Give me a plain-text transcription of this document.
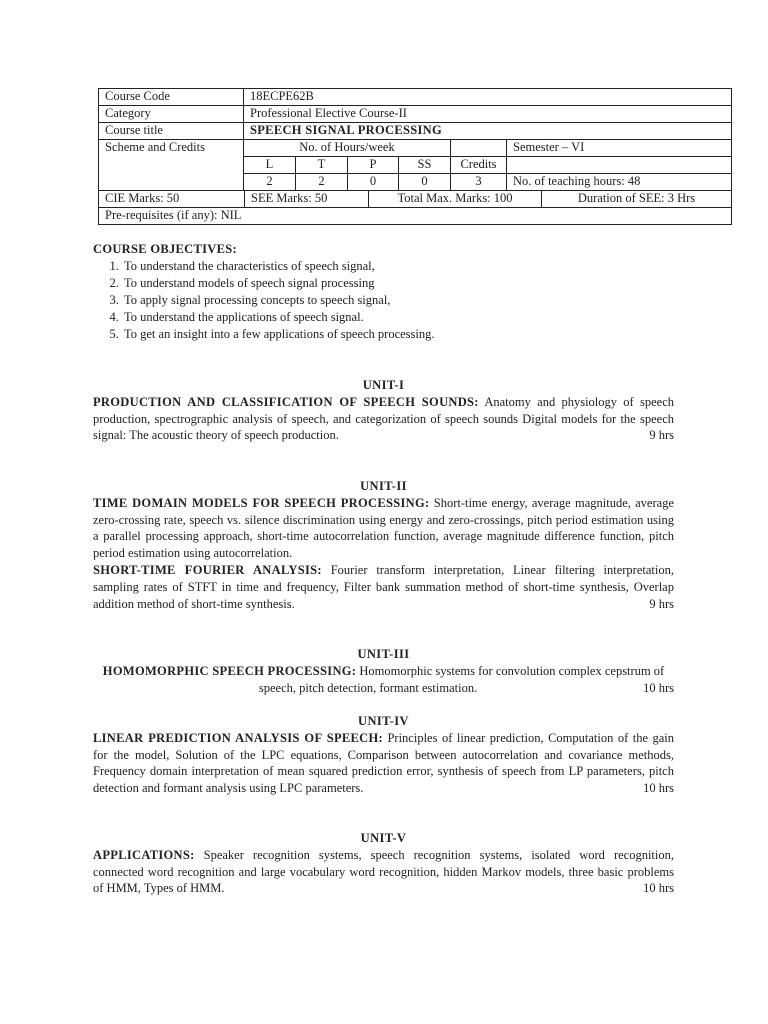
Course Code	18ECPE62B					
Category	Professional Elective Course-II					
Course title	SPEECH SIGNAL PROCESSING					
Scheme and Credits	No. of Hours/week					Semester – VI
	L	T	P	SS	Credits	
	2	2	0	0	3	No. of teaching hours: 48

CIE Marks: 50 SEE Marks: 50 Total Max. Marks: 100 Duration of SEE: 3 Hrs						

Pre-requisites (if any): NIL						
COURSE OBJECTIVES:
1. To understand the characteristics of speech signal,
2. To understand models of speech signal processing
3. To apply signal processing concepts to speech signal,
4. To understand the applications of speech signal.
5. To get an insight into a few applications of speech processing.
UNIT-I

PRODUCTION AND CLASSIFICATION OF SPEECH SOUNDS: Anatomy and physiology of speech production, spectrographic analysis of speech, and categorization of speech sounds Digital models for the speech signal: The acoustic theory of speech production.	9 hrs

UNIT-II

TIME DOMAIN MODELS FOR SPEECH PROCESSING: Short-time energy, average magnitude, average zero-crossing rate, speech vs. silence discrimination using energy and zero-crossings, pitch period estimation using a parallel processing approach, short-time autocorrelation function, average magnitude difference function, pitch period estimation using autocorrelation.

SHORT-TIME FOURIER ANALYSIS: Fourier transform interpretation, Linear filtering interpretation, sampling rates of STFT in time and frequency, Filter bank summation method of short-time synthesis, Overlap addition method of short-time synthesis.	9 hrs

UNIT-III

HOMOMORPHIC SPEECH PROCESSING: Homomorphic systems for convolution complex cepstrum of speech, pitch detection, formant estimation.	10 hrs

UNIT-IV

LINEAR PREDICTION ANALYSIS OF SPEECH: Principles of linear prediction, Computation of the gain for the model, Solution of the LPC equations, Comparison between autocorrelation and covariance methods, Frequency domain interpretation of mean squared prediction error, synthesis of speech from LP parameters, pitch detection and formant analysis using LPC parameters.	10 hrs

UNIT-V

APPLICATIONS: Speaker recognition systems, speech recognition systems, isolated word recognition, connected word recognition and large vocabulary word recognition, hidden Markov models, three basic problems of HMM, Types of HMM.	10 hrs
